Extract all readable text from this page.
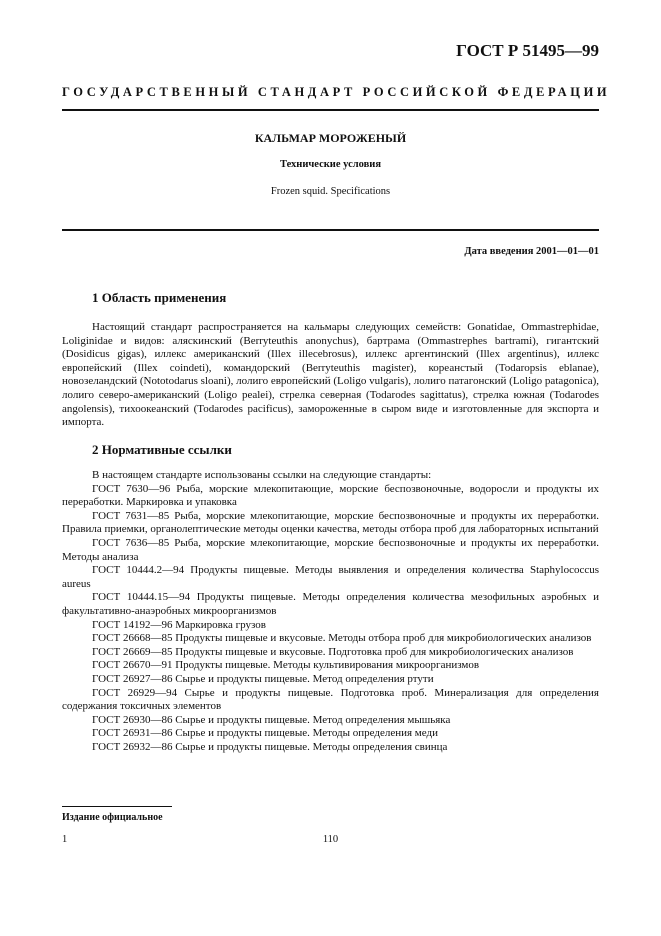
ГОСТ Р 51495—99
ГОСУДАРСТВЕННЫЙ СТАНДАРТ РОССИЙСКОЙ ФЕДЕРАЦИИ
КАЛЬМАР МОРОЖЕНЫЙ
Технические условия
Frozen squid. Specifications
Дата введения 2001—01—01
1 Область применения

Настоящий стандарт распространяется на кальмары следующих семейств: Gonatidae, Ommastrephidae, Loliginidae и видов: аляскинский (Berryteuthis anonychus), бартрама (Ommastrephes bartrami), гигантский (Dosidicus gigas), иллекс американский (Illex illecebrosus), иллекс аргентинский (Illex argentinus), иллекс европейский (Illex coindeti), командорский (Berryteuthis magister), кореанстый (Todaropsis eblanae), новозеландский (Nototodarus sloani), лолиго европейский (Loligo vulgaris), лолиго патагонский (Loligo patagonica), лолиго северо-американский (Loligo pealei), стрелка северная (Todarodes sagittatus), стрелка южная (Todarodes angolensis), тихоокеанский (Todarodes pacificus), замороженные в сыром виде и изготовленные для экспорта и импорта.

2 Нормативные ссылки

В настоящем стандарте использованы ссылки на следующие стандарты:

ГОСТ 7630—96 Рыба, морские млекопитающие, морские беспозвоночные, водоросли и продукты их переработки. Маркировка и упаковка

ГОСТ 7631—85 Рыба, морские млекопитающие, морские беспозвоночные и продукты их переработки. Правила приемки, органолептические методы оценки качества, методы отбора проб для лабораторных испытаний

ГОСТ 7636—85 Рыба, морские млекопитающие, морские беспозвоночные и продукты их переработки. Методы анализа

ГОСТ 10444.2—94 Продукты пищевые. Методы выявления и определения количества Staphylococcus aureus

ГОСТ 10444.15—94 Продукты пищевые. Методы определения количества мезофильных аэробных и факультативно-анаэробных микроорганизмов

ГОСТ 14192—96 Маркировка грузов

ГОСТ 26668—85 Продукты пищевые и вкусовые. Методы отбора проб для микробиологических анализов

ГОСТ 26669—85 Продукты пищевые и вкусовые. Подготовка проб для микробиологических анализов

ГОСТ 26670—91 Продукты пищевые. Методы культивирования микроорганизмов

ГОСТ 26927—86 Сырье и продукты пищевые. Метод определения ртути

ГОСТ 26929—94 Сырье и продукты пищевые. Подготовка проб. Минерализация для определения содержания токсичных элементов

ГОСТ 26930—86 Сырье и продукты пищевые. Метод определения мышьяка

ГОСТ 26931—86 Сырье и продукты пищевые. Методы определения меди

ГОСТ 26932—86 Сырье и продукты пищевые. Методы определения свинца

Издание официальное
1	110
